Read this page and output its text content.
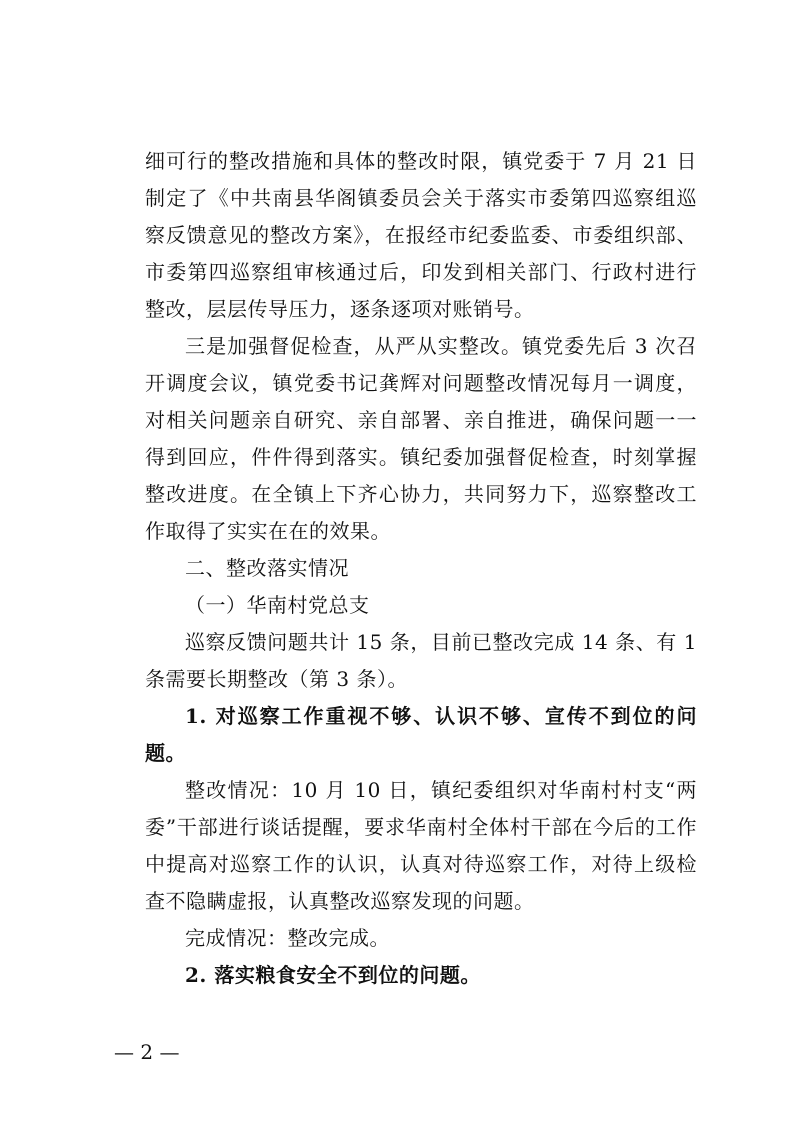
细可行的整改措施和具体的整改时限，镇党委于 7 月 21 日制定了《中共南县华阁镇委员会关于落实市委第四巡察组巡察反馈意见的整改方案》，在报经市纪委监委、市委组织部、市委第四巡察组审核通过后，印发到相关部门、行政村进行整改，层层传导压力，逐条逐项对账销号。

三是加强督促检查，从严从实整改。镇党委先后 3 次召开调度会议，镇党委书记龚辉对问题整改情况每月一调度，对相关问题亲自研究、亲自部署、亲自推进，确保问题一一得到回应，件件得到落实。镇纪委加强督促检查，时刻掌握整改进度。在全镇上下齐心协力，共同努力下，巡察整改工作取得了实实在在的效果。

二、整改落实情况

（一）华南村党总支

巡察反馈问题共计 15 条，目前已整改完成 14 条、有 1 条需要长期整改（第 3 条）。

1. 对巡察工作重视不够、认识不够、宣传不到位的问题。

整改情况：10 月 10 日，镇纪委组织对华南村村支“两委”干部进行谈话提醒，要求华南村全体村干部在今后的工作中提高对巡察工作的认识，认真对待巡察工作，对待上级检查不隐瞒虚报，认真整改巡察发现的问题。

完成情况：整改完成。

2. 落实粮食安全不到位的问题。

— 2 —
